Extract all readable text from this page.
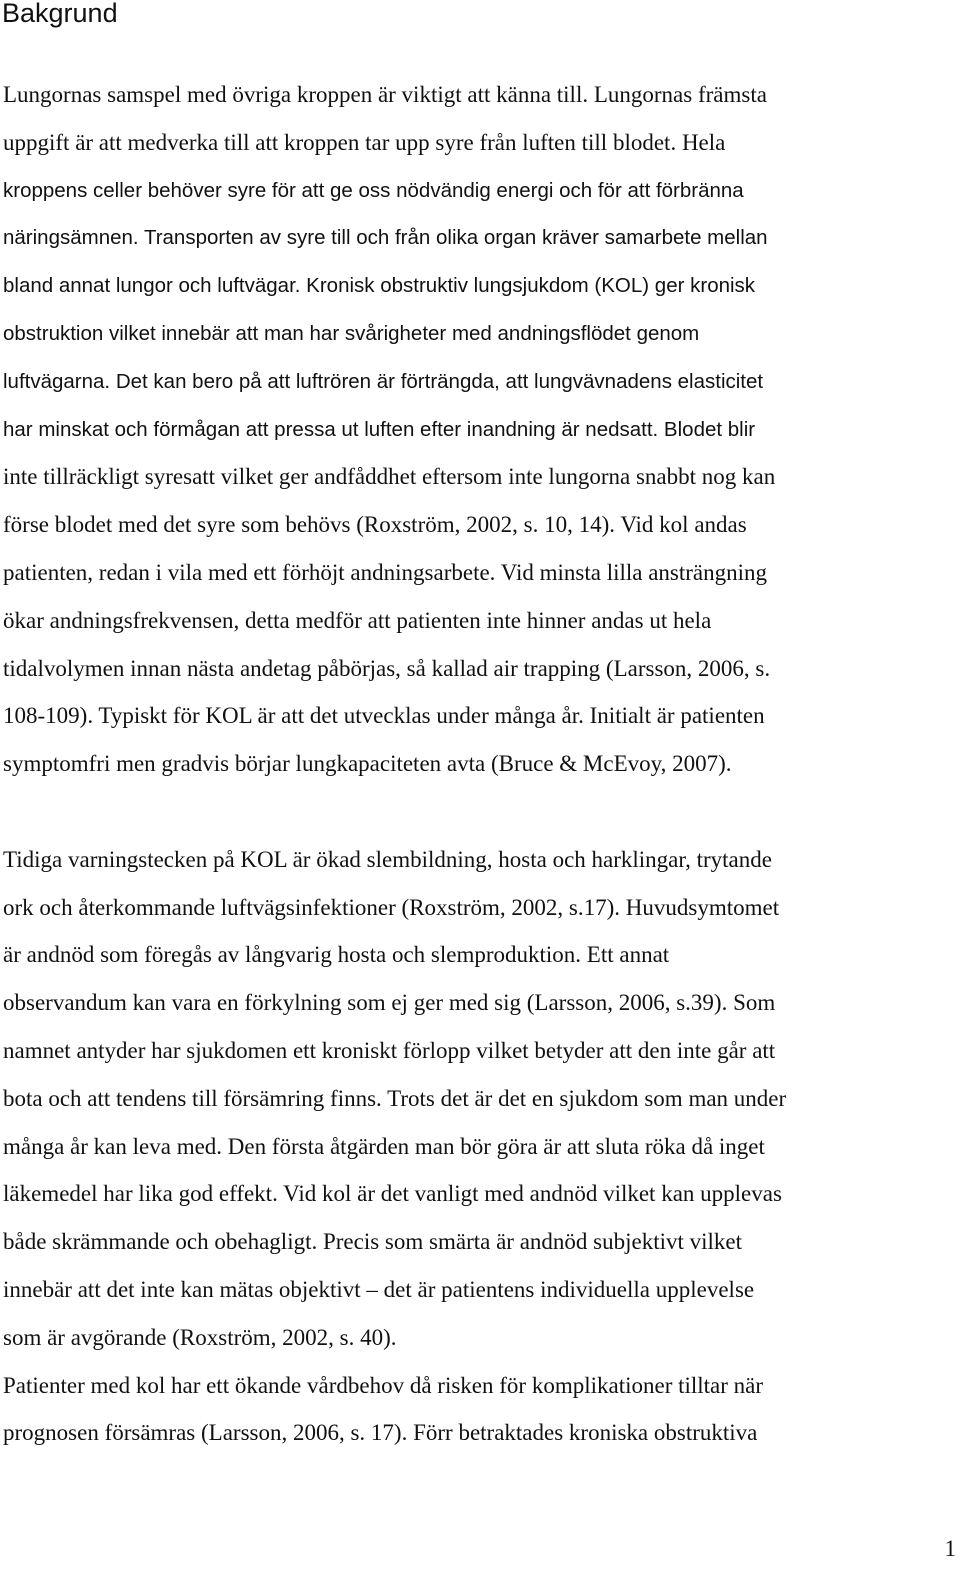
Bakgrund

Lungornas samspel med övriga kroppen är viktigt att känna till. Lungornas främsta

uppgift är att medverka till att kroppen tar upp syre från luften till blodet. Hela

kroppens celler behöver syre för att ge oss nödvändig energi och för att förbränna

näringsämnen. Transporten av syre till och från olika organ kräver samarbete mellan

bland annat lungor och luftvägar. Kronisk obstruktiv lungsjukdom (KOL) ger kronisk

obstruktion vilket innebär att man har svårigheter med andningsflödet genom

luftvägarna. Det kan bero på att luftrören är förträngda, att lungvävnadens elasticitet

har minskat och förmågan att pressa ut luften efter inandning är nedsatt. Blodet blir

inte tillräckligt syresatt vilket ger andfåddhet eftersom inte lungorna snabbt nog kan

förse blodet med det syre som behövs (Roxström, 2002, s. 10, 14). Vid kol andas

patienten, redan i vila med ett förhöjt andningsarbete. Vid minsta lilla ansträngning

ökar andningsfrekvensen, detta medför att patienten inte hinner andas ut hela

tidalvolymen innan nästa andetag påbörjas, så kallad air trapping (Larsson, 2006, s.

108-109). Typiskt för KOL är att det utvecklas under många år. Initialt är patienten

symptomfri men gradvis börjar lungkapaciteten avta (Bruce & McEvoy, 2007).

Tidiga varningstecken på KOL är ökad slembildning, hosta och harklingar, trytande

ork och återkommande luftvägsinfektioner (Roxström, 2002, s.17). Huvudsymtomet

är andnöd som föregås av långvarig hosta och slemproduktion. Ett annat

observandum kan vara en förkylning som ej ger med sig (Larsson, 2006, s.39). Som

namnet antyder har sjukdomen ett kroniskt förlopp vilket betyder att den inte går att

bota och att tendens till försämring finns. Trots det är det en sjukdom som man under

många år kan leva med. Den första åtgärden man bör göra är att sluta röka då inget

läkemedel har lika god effekt. Vid kol är det vanligt med andnöd vilket kan upplevas

både skrämmande och obehagligt. Precis som smärta är andnöd subjektivt vilket

innebär att det inte kan mätas objektivt – det är patientens individuella upplevelse

som är avgörande (Roxström, 2002, s. 40).

Patienter med kol har ett ökande vårdbehov då risken för komplikationer tilltar när

prognosen försämras (Larsson, 2006, s. 17). Förr betraktades kroniska obstruktiva

1
